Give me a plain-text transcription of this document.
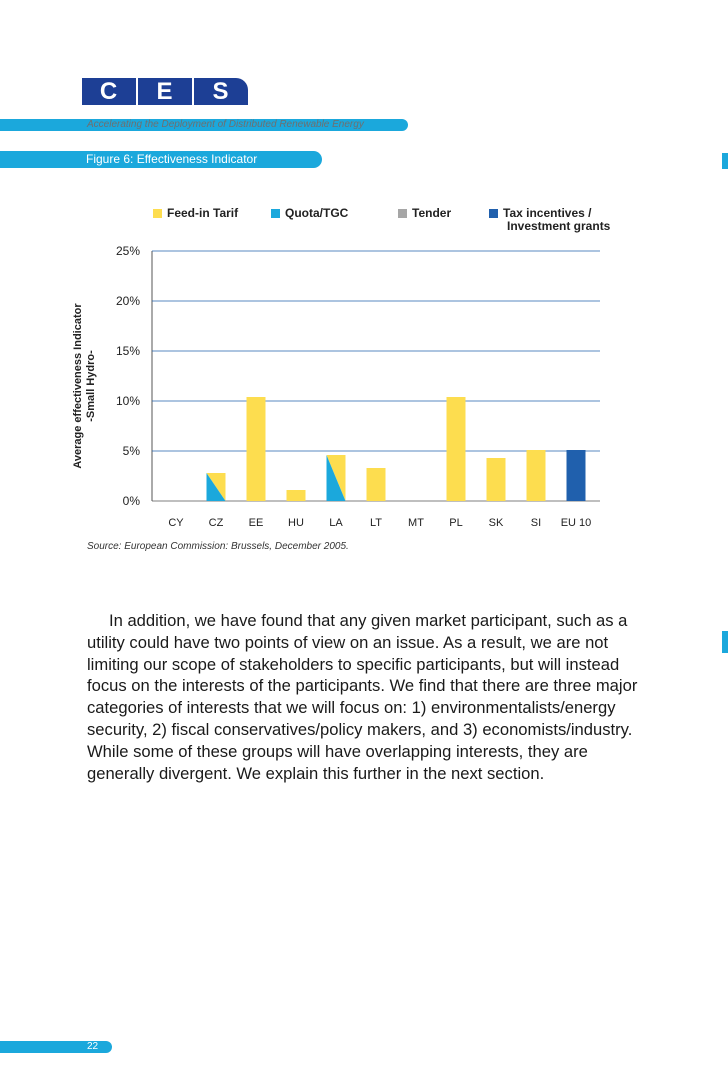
C	E	S
Accelerating the Deployment of Distributed Renewable Energy
Figure 6: Effectiveness Indicator
Feed-in Tarif	Quota/TGC	Tender	Tax incentives /
Investment grants
Average effectiveness Indicator
-Small Hydro-
0%
5%
10%
15%
20%
25%
CY CZ EE HU LA LT MT PL SK SI EU 10
Source: European Commission: Brussels, December 2005.

In addition, we have found that any given market participant, such as a utility could have two points of view on an issue. As a result, we are not limiting our scope of stakeholders to specific participants, but will instead focus on the interests of the participants. We find that there are three major categories of interests that we will focus on: 1) environmentalists/energy security, 2) fiscal conservatives/policy makers, and 3) economists/industry. While some of these groups will have overlapping interests, they are generally divergent. We explain this further in the next section.

22
